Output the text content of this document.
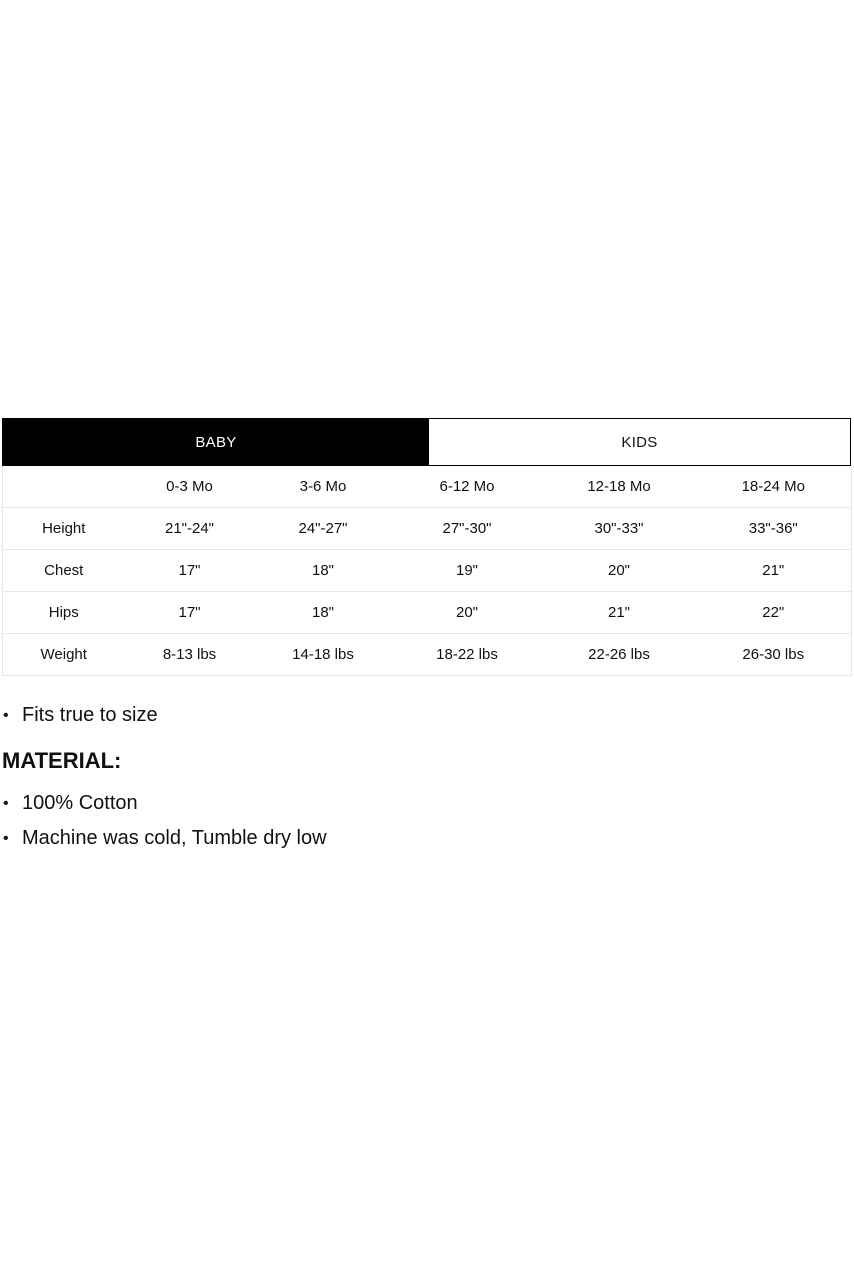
BABY	KIDS
	0-3 Mo	3-6 Mo	6-12 Mo	12-18 Mo	18-24 Mo
Height	21"-24"	24"-27"	27"-30"	30"-33"	33"-36"
Chest	17"	18"	19"	20"	21"
Hips	17"	18"	20"	21"	22"
Weight	8-13 lbs	14-18 lbs	18-22 lbs	22-26 lbs	26-30 lbs
• Fits true to size
MATERIAL:
• 100% Cotton
• Machine was cold, Tumble dry low
